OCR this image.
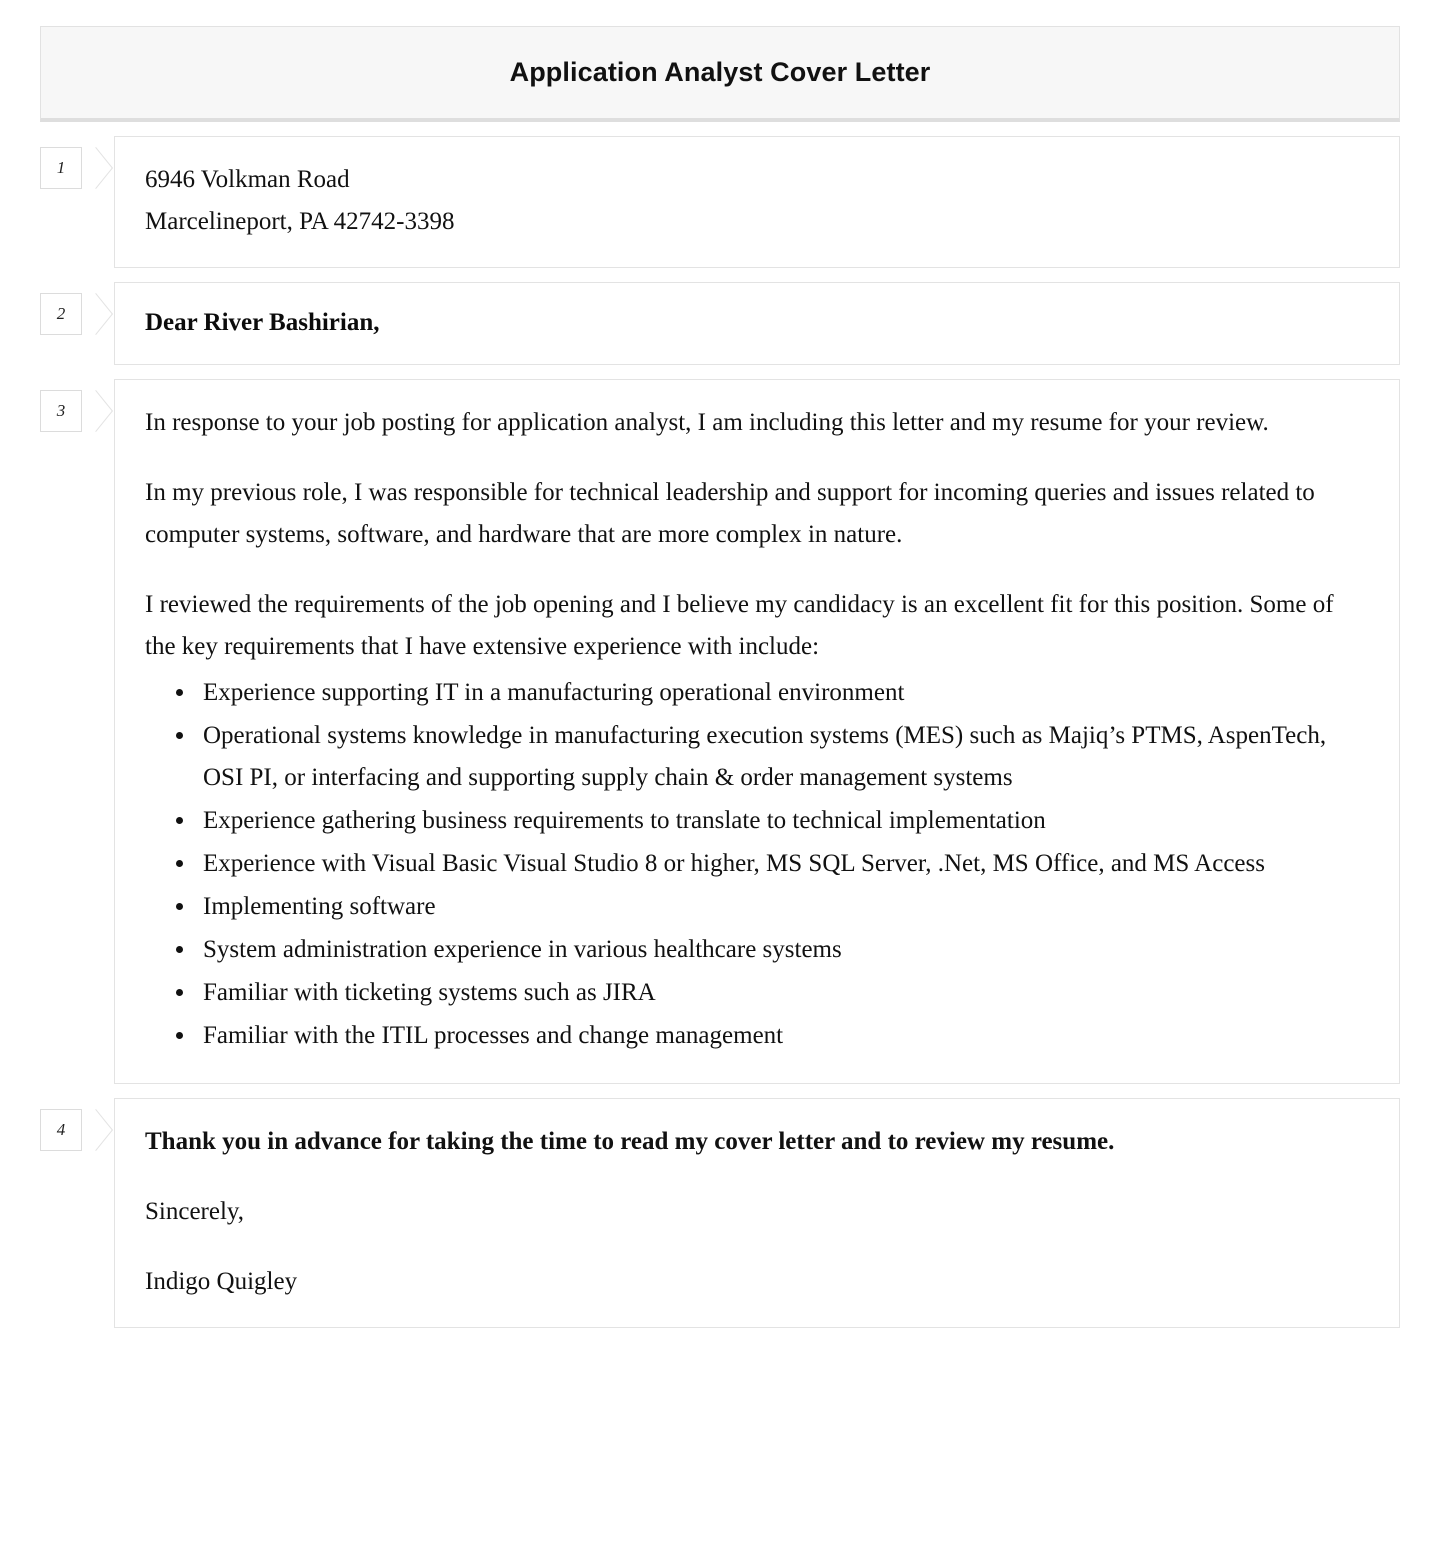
Application Analyst Cover Letter
1	6946 Volkman Road
Marcelineport, PA 42742-3398
2	Dear River Bashirian,
3	In response to your job posting for application analyst, I am including this letter and my resume for your review.

In my previous role, I was responsible for technical leadership and support for incoming queries and issues related to computer systems, software, and hardware that are more complex in nature.

I reviewed the requirements of the job opening and I believe my candidacy is an excellent fit for this position. Some of the key requirements that I have extensive experience with include:

• Experience supporting IT in a manufacturing operational environment
• Operational systems knowledge in manufacturing execution systems (MES) such as Majiq’s PTMS, AspenTech, OSI PI, or interfacing and supporting supply chain & order management systems
• Experience gathering business requirements to translate to technical implementation
• Experience with Visual Basic Visual Studio 8 or higher, MS SQL Server, .Net, MS Office, and MS Access
• Implementing software
• System administration experience in various healthcare systems
• Familiar with ticketing systems such as JIRA
• Familiar with the ITIL processes and change management
4	Thank you in advance for taking the time to read my cover letter and to review my resume.

Sincerely,

Indigo Quigley
